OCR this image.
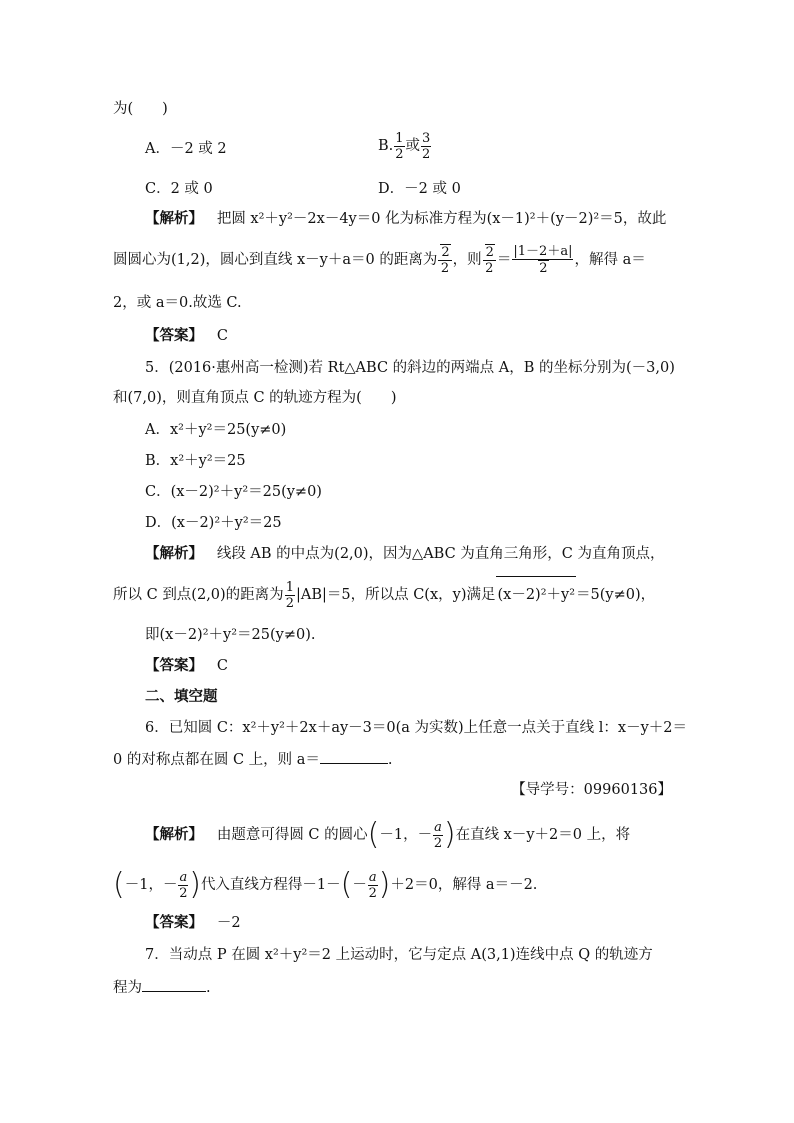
为(　　)
A．－2 或 2	B. $\frac{1}{2}$ 或 $\frac{3}{2}$
C．2 或 0	D．－2 或 0
【解析】 把圆 x²＋y²－2x－4y＝0 化为标准方程为(x－1)²＋(y－2)²＝5，故此
圆圆心为(1,2)，圆心到直线 x－y＋a＝0 的距离为 $\frac{2}{2}$ ，则 $\frac{2}{2} = \frac{|1-2+a|}{2}$ ，解得 a＝
2，或 a＝0.故选 C.
【答案】 C
5．(2016·惠州高一检测)若 Rt△ABC 的斜边的两端点 A，B 的坐标分别为(－3,0)
和(7,0)，则直角顶点 C 的轨迹方程为(　　)
A．x²＋y²＝25(y≠0)
B．x²＋y²＝25
C．(x－2)²＋y²＝25(y≠0)
D．(x－2)²＋y²＝25
【解析】 线段 AB 的中点为(2,0)，因为△ABC 为直角三角形，C 为直角顶点，
所以 C 到点(2,0)的距离为 $\frac{1}{2} |AB|=5$，所以点 C(x，y)满足 (x－2)²＋y²＝5(y≠0)，
即(x－2)²＋y²＝25(y≠0).
【答案】 C
二、填空题
6．已知圆 C：x²＋y²＋2x＋ay－3＝0(a 为实数)上任意一点关于直线 l：x－y＋2＝
0 的对称点都在圆 C 上，则 a＝	.
【导学号：09960136】
【解析】 由题意可得圆 C 的圆心(－1，－ $\frac{a}{2}$ )在直线 x－y＋2＝0 上，将
(－1，－ $\frac{a}{2}$ )代入直线方程得$-1-(- \frac{a}{2} )+2=0$，解得 a＝－2.
【答案】 －2
7．当动点 P 在圆 x²＋y²＝2 上运动时，它与定点 A(3,1)连线中点 Q 的轨迹方
程为	.
